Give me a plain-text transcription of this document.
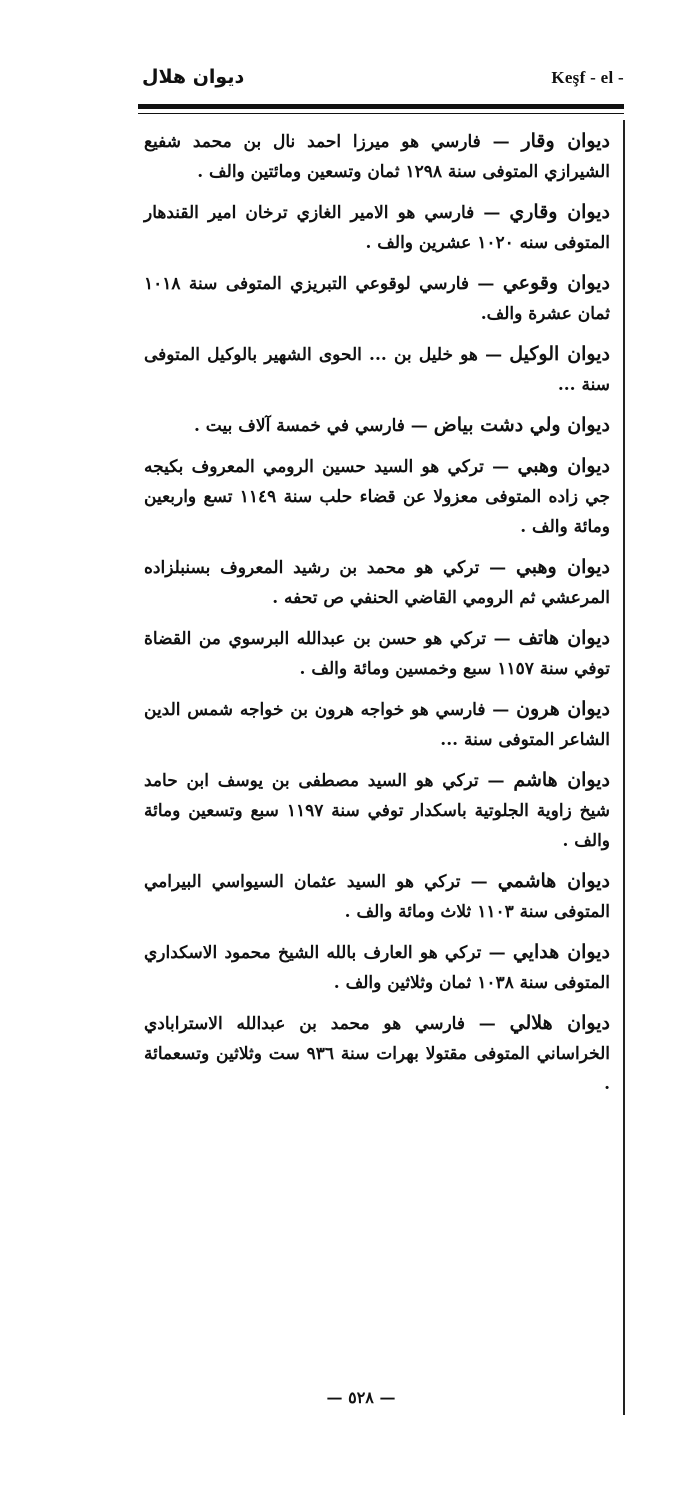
ديوان هلال	Keşf - el -

ديوان وقار — فارسي هو ميرزا احمد نال بن محمد شفيع الشيرازي المتوفى سنة ١٢٩٨ ثمان وتسعين ومائتين والف .

ديوان وقاري — فارسي هو الامير الغازي ترخان امير القندهار المتوفى سنه ١٠٢٠ عشرين والف .

ديوان وقوعي — فارسي لوقوعي التبريزي المتوفى سنة ١٠١٨ ثمان عشرة والف.

ديوان الوكيل — هو خليل بن ... الحوى الشهير بالوكيل المتوفى سنة ...

ديوان ولي دشت بياض — فارسي في خمسة آلاف بيت .

ديوان وهبي — تركي هو السيد حسين الرومي المعروف بكيجه جي زاده المتوفى معزولا عن قضاء حلب سنة ١١٤٩ تسع واربعين ومائة والف .

ديوان وهبي — تركي هو محمد بن رشيد المعروف بسنبلزاده المرعشي ثم الرومي القاضي الحنفي ص تحفه .

ديوان هاتف — تركي هو حسن بن عبدالله البرسوي من القضاة توفي سنة ١١٥٧ سبع وخمسين ومائة والف .

ديوان هرون — فارسي هو خواجه هرون بن خواجه شمس الدين الشاعر المتوفى سنة ...

ديوان هاشم — تركي هو السيد مصطفى بن يوسف ابن حامد شيخ زاوية الجلوتية باسكدار توفي سنة ١١٩٧ سبع وتسعين ومائة والف .

ديوان هاشمي — تركي هو السيد عثمان السيواسي البيرامي المتوفى سنة ١١٠٣ ثلاث ومائة والف .

ديوان هدايي — تركي هو العارف بالله الشيخ محمود الاسكداري المتوفى سنة ١٠٣٨ ثمان وثلاثين والف .

ديوان هلالي — فارسي هو محمد بن عبدالله الاسترابادي الخراساني المتوفى مقتولا بهرات سنة ٩٣٦ ست وثلاثين وتسعمائة .

— ٥٢٨ —
